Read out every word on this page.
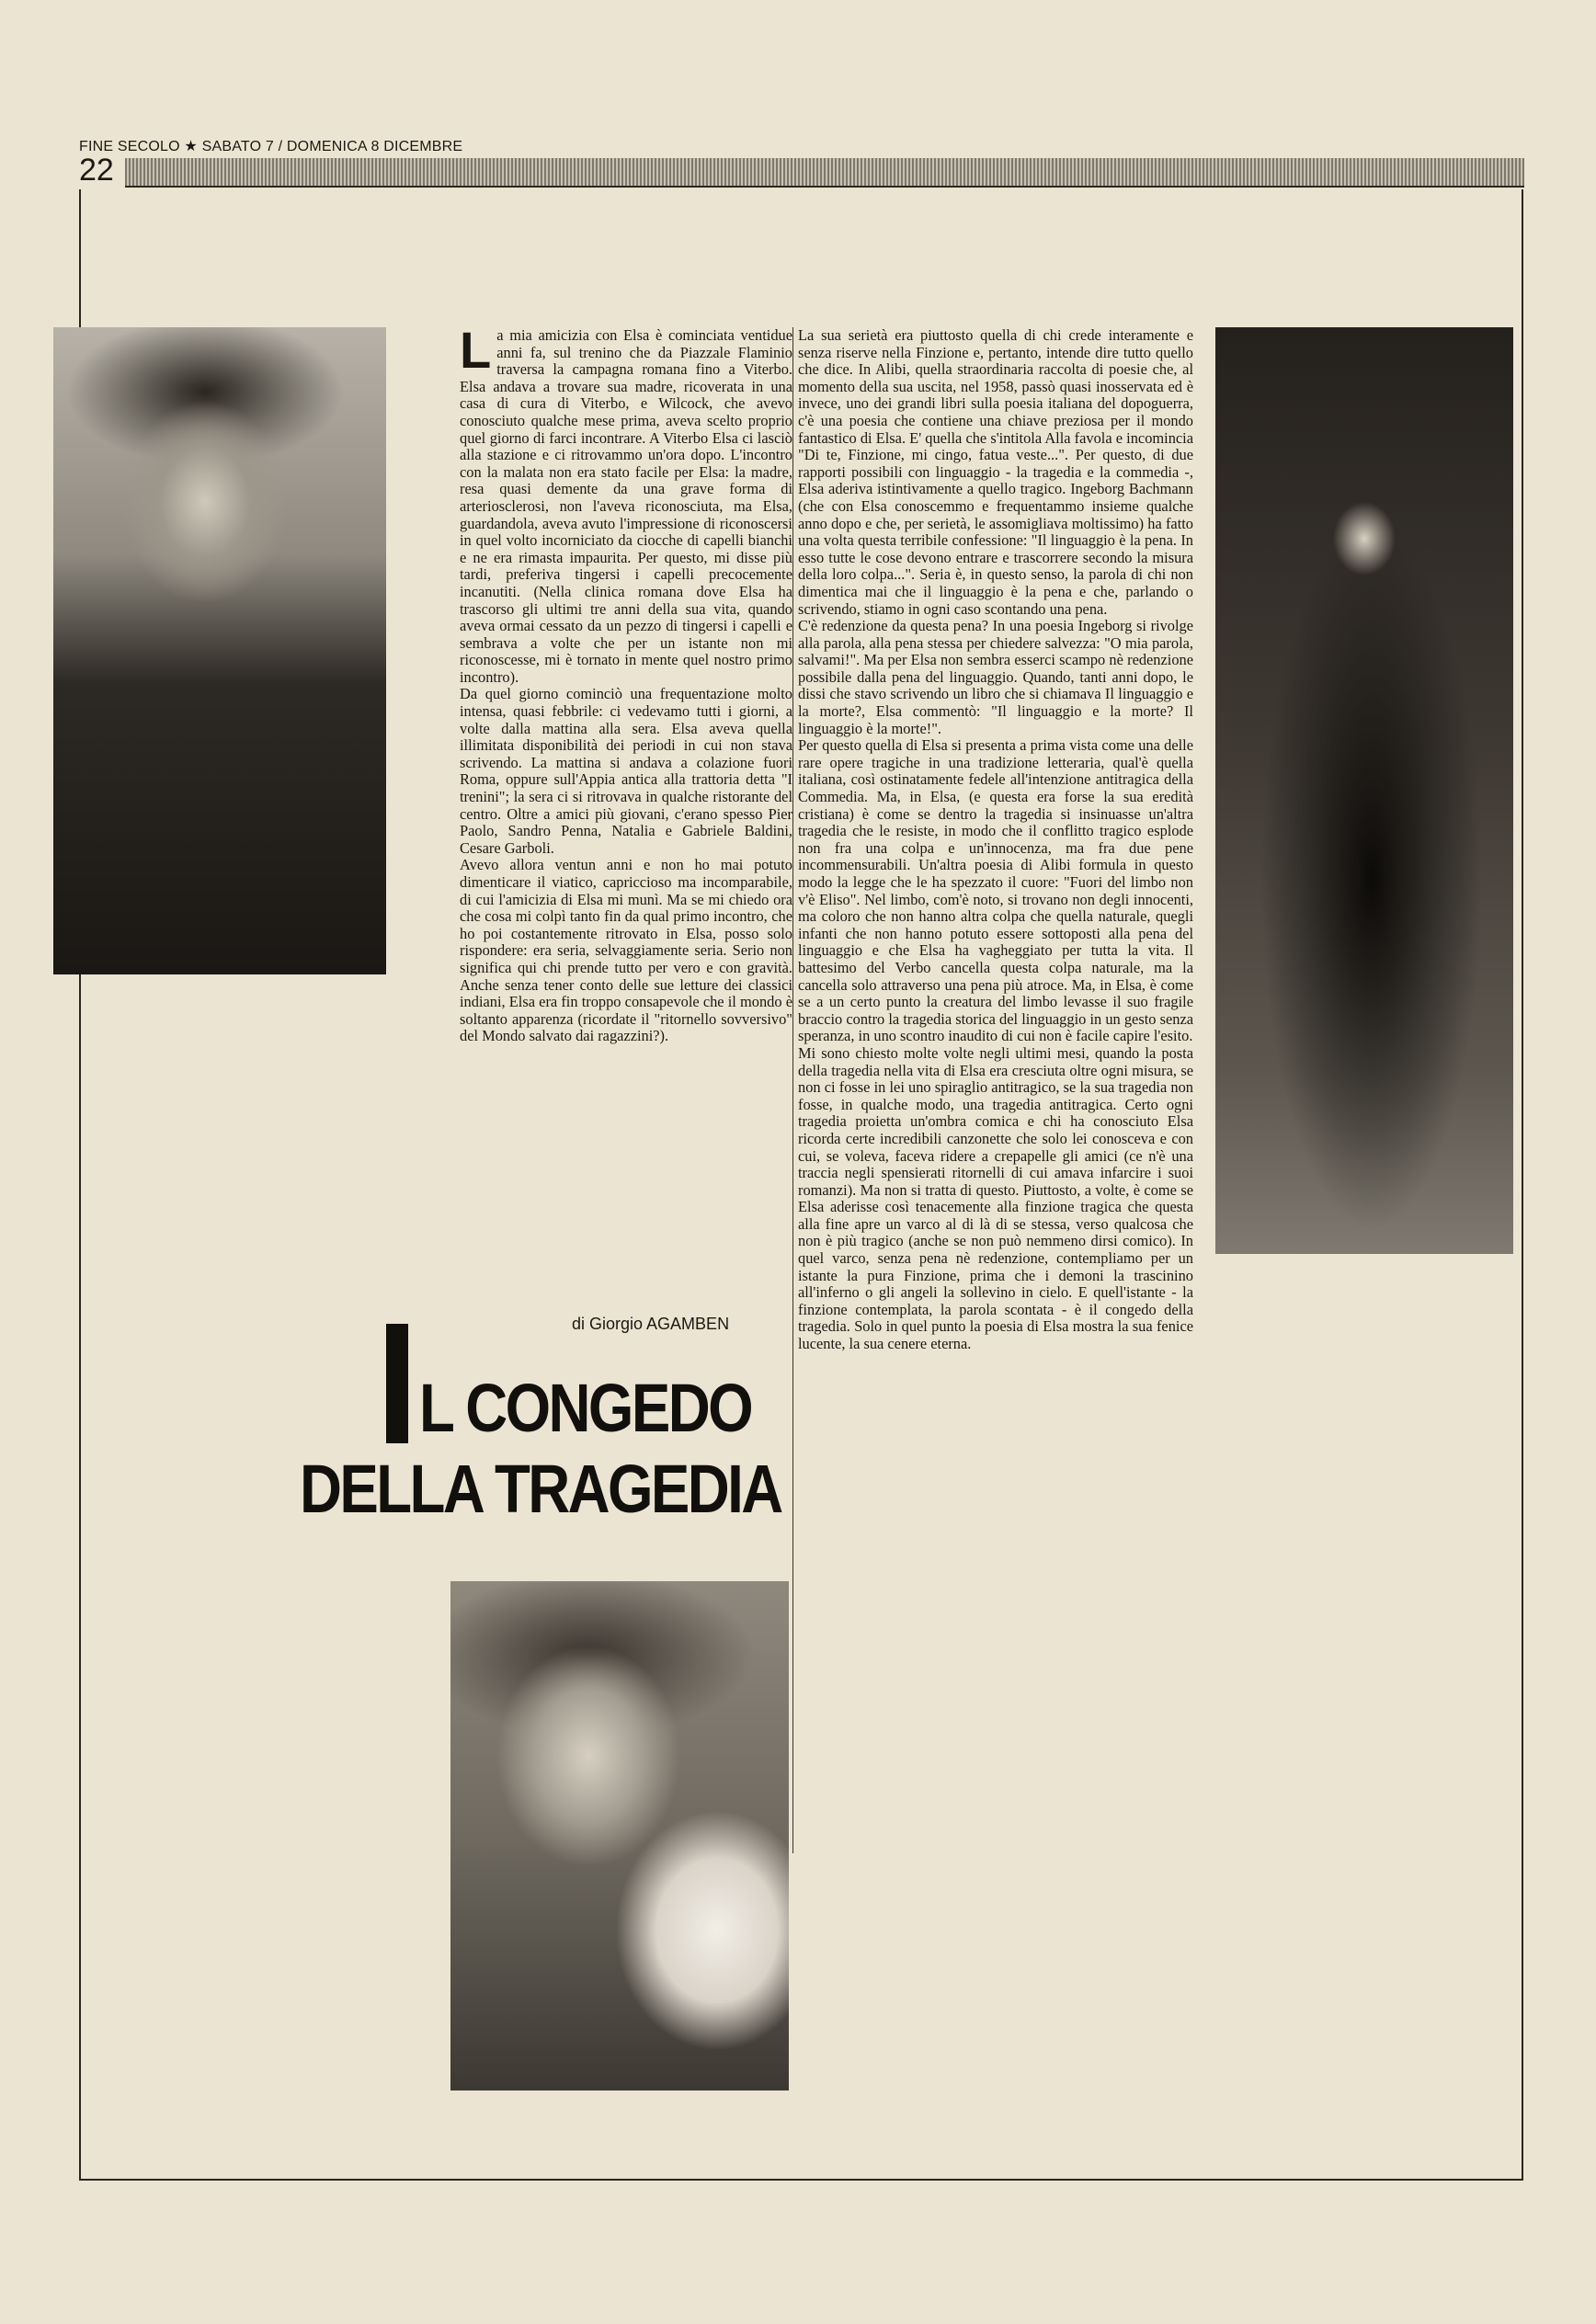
FINE SECOLO ★ SABATO 7 / DOMENICA 8 DICEMBRE
22

La mia amicizia con Elsa è cominciata ventidue anni fa, sul trenino che da Piazzale Flaminio traversa la campagna romana fino a Viterbo. Elsa andava a trovare sua madre, ricoverata in una casa di cura di Viterbo, e Wilcock, che avevo conosciuto qualche mese prima, aveva scelto proprio quel giorno di farci incontrare. A Viterbo Elsa ci lasciò alla stazione e ci ritrovammo un'ora dopo. L'incontro con la malata non era stato facile per Elsa: la madre, resa quasi demente da una grave forma di arteriosclerosi, non l'aveva riconosciuta, ma Elsa, guardandola, aveva avuto l'impressione di riconoscersi in quel volto incorniciato da ciocche di capelli bianchi e ne era rimasta impaurita. Per questo, mi disse più tardi, preferiva tingersi i capelli precocemente incanutiti. (Nella clinica romana dove Elsa ha trascorso gli ultimi tre anni della sua vita, quando aveva ormai cessato da un pezzo di tingersi i capelli e sembrava a volte che per un istante non mi riconoscesse, mi è tornato in mente quel nostro primo incontro).

Da quel giorno cominciò una frequentazione molto intensa, quasi febbrile: ci vedevamo tutti i giorni, a volte dalla mattina alla sera. Elsa aveva quella illimitata disponibilità dei periodi in cui non stava scrivendo. La mattina si andava a colazione fuori Roma, oppure sull'Appia antica alla trattoria detta "I trenini"; la sera ci si ritrovava in qualche ristorante del centro. Oltre a amici più giovani, c'erano spesso Pier Paolo, Sandro Penna, Natalia e Gabriele Baldini, Cesare Garboli.

Avevo allora ventun anni e non ho mai potuto dimenticare il viatico, capriccioso ma incomparabile, di cui l'amicizia di Elsa mi munì. Ma se mi chiedo ora che cosa mi colpì tanto fin da qual primo incontro, che ho poi costantemente ritrovato in Elsa, posso solo rispondere: era seria, selvaggiamente seria. Serio non significa qui chi prende tutto per vero e con gravità. Anche senza tener conto delle sue letture dei classici indiani, Elsa era fin troppo consapevole che il mondo è soltanto apparenza (ricordate il "ritornello sovversivo" del Mondo salvato dai ragazzini?).

La sua serietà era piuttosto quella di chi crede interamente e senza riserve nella Finzione e, pertanto, intende dire tutto quello che dice. In Alibi, quella straordinaria raccolta di poesie che, al momento della sua uscita, nel 1958, passò quasi inosservata ed è invece, uno dei grandi libri sulla poesia italiana del dopoguerra, c'è una poesia che contiene una chiave preziosa per il mondo fantastico di Elsa. E' quella che s'intitola Alla favola e incomincia "Di te, Finzione, mi cingo, fatua veste...". Per questo, di due rapporti possibili con linguaggio - la tragedia e la commedia -, Elsa aderiva istintivamente a quello tragico. Ingeborg Bachmann (che con Elsa conoscemmo e frequentammo insieme qualche anno dopo e che, per serietà, le assomigliava moltissimo) ha fatto una volta questa terribile confessione: "Il linguaggio è la pena. In esso tutte le cose devono entrare e trascorrere secondo la misura della loro colpa...". Seria è, in questo senso, la parola di chi non dimentica mai che il linguaggio è la pena e che, parlando o scrivendo, stiamo in ogni caso scontando una pena.

C'è redenzione da questa pena? In una poesia Ingeborg si rivolge alla parola, alla pena stessa per chiedere salvezza: "O mia parola, salvami!". Ma per Elsa non sembra esserci scampo nè redenzione possibile dalla pena del linguaggio. Quando, tanti anni dopo, le dissi che stavo scrivendo un libro che si chiamava Il linguaggio e la morte?, Elsa commentò: "Il linguaggio e la morte? Il linguaggio è la morte!".

Per questo quella di Elsa si presenta a prima vista come una delle rare opere tragiche in una tradizione letteraria, qual'è quella italiana, così ostinatamente fedele all'intenzione antitragica della Commedia. Ma, in Elsa, (e questa era forse la sua eredità cristiana) è come se dentro la tragedia si insinuasse un'altra tragedia che le resiste, in modo che il conflitto tragico esplode non fra una colpa e un'innocenza, ma fra due pene incommensurabili. Un'altra poesia di Alibi formula in questo modo la legge che le ha spezzato il cuore: "Fuori del limbo non v'è Eliso". Nel limbo, com'è noto, si trovano non degli innocenti, ma coloro che non hanno altra colpa che quella naturale, quegli infanti che non hanno potuto essere sottoposti alla pena del linguaggio e che Elsa ha vagheggiato per tutta la vita. Il battesimo del Verbo cancella questa colpa naturale, ma la cancella solo attraverso una pena più atroce. Ma, in Elsa, è come se a un certo punto la creatura del limbo levasse il suo fragile braccio contro la tragedia storica del linguaggio in un gesto senza speranza, in uno scontro inaudito di cui non è facile capire l'esito.

Mi sono chiesto molte volte negli ultimi mesi, quando la posta della tragedia nella vita di Elsa era cresciuta oltre ogni misura, se non ci fosse in lei uno spiraglio antitragico, se la sua tragedia non fosse, in qualche modo, una tragedia antitragica. Certo ogni tragedia proietta un'ombra comica e chi ha conosciuto Elsa ricorda certe incredibili canzonette che solo lei conosceva e con cui, se voleva, faceva ridere a crepapelle gli amici (ce n'è una traccia negli spensierati ritornelli di cui amava infarcire i suoi romanzi). Ma non si tratta di questo. Piuttosto, a volte, è come se Elsa aderisse così tenacemente alla finzione tragica che questa alla fine apre un varco al di là di se stessa, verso qualcosa che non è più tragico (anche se non può nemmeno dirsi comico). In quel varco, senza pena nè redenzione, contempliamo per un istante la pura Finzione, prima che i demoni la trascinino all'inferno o gli angeli la sollevino in cielo. E quell'istante - la finzione contemplata, la parola scontata - è il congedo della tragedia. Solo in quel punto la poesia di Elsa mostra la sua fenice lucente, la sua cenere eterna.

di Giorgio AGAMBEN
L CONGEDO
DELLA TRAGEDIA
